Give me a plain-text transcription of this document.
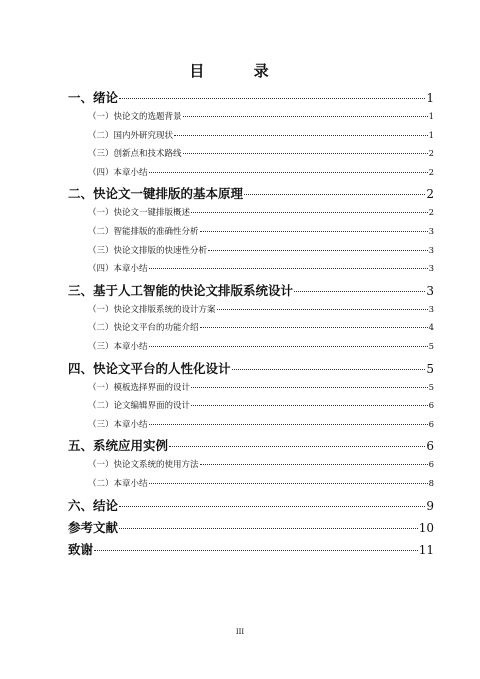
目 录
一、绪论	1
（一）快论文的选题背景	1
（二）国内外研究现状	1
（三）创新点和技术路线	2
（四）本章小结	2
二、快论文一键排版的基本原理	2
（一）快论文一键排版概述	2
（二）智能排版的准确性分析	3
（三）快论文排版的快速性分析	3
（四）本章小结	3
三、基于人工智能的快论文排版系统设计	3
（一）快论文排版系统的设计方案	3
（二）快论文平台的功能介绍	4
（三）本章小结	5
四、快论文平台的人性化设计	5
（一）模板选择界面的设计	5
（二）论文编辑界面的设计	6
（三）本章小结	6
五、系统应用实例	6
（一）快论文系统的使用方法	6
（二）本章小结	8
六、结论	9
参考文献	10
致谢	11
III
